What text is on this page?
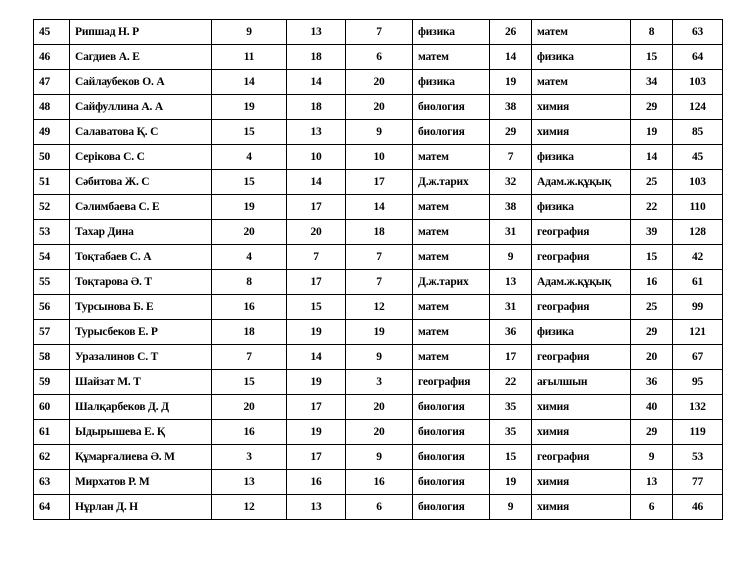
45	Рипшад Н. Р	9	13	7	физика	26	матем	8	63
46	Сагдиев А. Е	11	18	6	матем	14	физика	15	64
47	Сайлаубеков О. А	14	14	20	физика	19	матем	34	103
48	Сайфуллина А. А	19	18	20	биология	38	химия	29	124
49	Салаватова Қ. С	15	13	9	биология	29	химия	19	85
50	Серікова С. С	4	10	10	матем	7	физика	14	45
51	Сәбитова Ж. С	15	14	17	Д.ж.тарих	32	Адам.ж.құқық	25	103
52	Сәлимбаева С. Е	19	17	14	матем	38	физика	22	110
53	Тахар Дина	20	20	18	матем	31	география	39	128
54	Тоқтабаев С. А	4	7	7	матем	9	география	15	42
55	Тоқтарова Ә. Т	8	17	7	Д.ж.тарих	13	Адам.ж.құқық	16	61
56	Турсынова Б. Е	16	15	12	матем	31	география	25	99
57	Турысбеков Е. Р	18	19	19	матем	36	физика	29	121
58	Уразалинов С. Т	7	14	9	матем	17	география	20	67
59	Шайзат М. Т	15	19	3	география	22	ағылшын	36	95
60	Шалқарбеков Д. Д	20	17	20	биология	35	химия	40	132
61	Ыдырышева Е. Қ	16	19	20	биология	35	химия	29	119
62	Құмарғалиева Ә. М	3	17	9	биология	15	география	9	53
63	Мирхатов Р. М	13	16	16	биология	19	химия	13	77
64	Нұрлан Д. Н	12	13	6	биология	9	химия	6	46
